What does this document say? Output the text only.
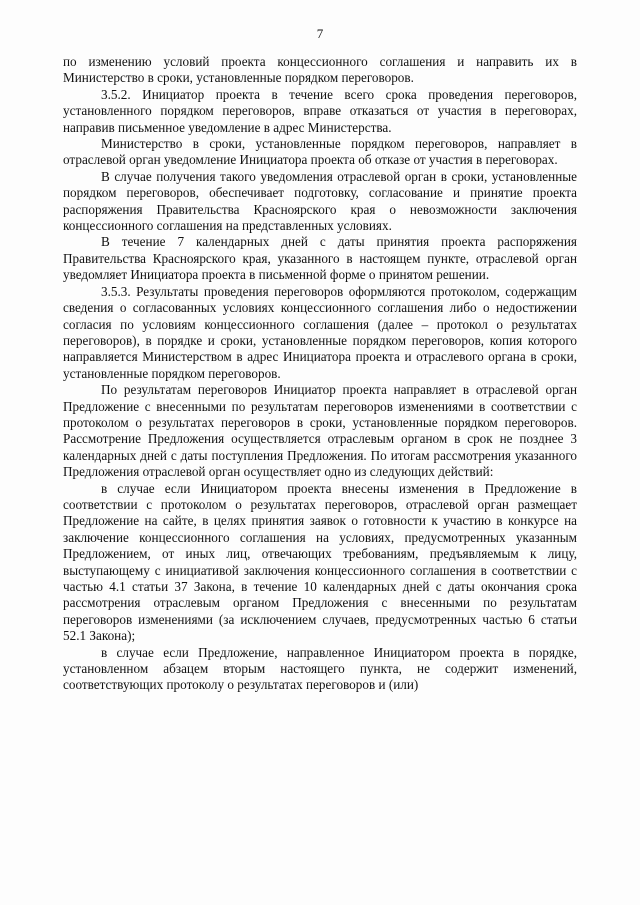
7

по изменению условий проекта концессионного соглашения и направить их в Министерство в сроки, установленные порядком переговоров.

3.5.2. Инициатор проекта в течение всего срока проведения переговоров, установленного порядком переговоров, вправе отказаться от участия в переговорах, направив письменное уведомление в адрес Министерства.

Министерство в сроки, установленные порядком переговоров, направляет в отраслевой орган уведомление Инициатора проекта об отказе от участия в переговорах.

В случае получения такого уведомления отраслевой орган в сроки, установленные порядком переговоров, обеспечивает подготовку, согласование и принятие проекта распоряжения Правительства Красноярского края о невозможности заключения концессионного соглашения на представленных условиях.

В течение 7 календарных дней с даты принятия проекта распоряжения Правительства Красноярского края, указанного в настоящем пункте, отраслевой орган уведомляет Инициатора проекта в письменной форме о принятом решении.

3.5.3. Результаты проведения переговоров оформляются протоколом, содержащим сведения о согласованных условиях концессионного соглашения либо о недостижении согласия по условиям концессионного соглашения (далее – протокол о результатах переговоров), в порядке и сроки, установленные порядком переговоров, копия которого направляется Министерством в адрес Инициатора проекта и отраслевого органа в сроки, установленные порядком переговоров.

По результатам переговоров Инициатор проекта направляет в отраслевой орган Предложение с внесенными по результатам переговоров изменениями в соответствии с протоколом о результатах переговоров в сроки, установленные порядком переговоров. Рассмотрение Предложения осуществляется отраслевым органом в срок не позднее 3 календарных дней с даты поступления Предложения. По итогам рассмотрения указанного Предложения отраслевой орган осуществляет одно из следующих действий:

в случае если Инициатором проекта внесены изменения в Предложение в соответствии с протоколом о результатах переговоров, отраслевой орган размещает Предложение на сайте, в целях принятия заявок о готовности к участию в конкурсе на заключение концессионного соглашения на условиях, предусмотренных указанным Предложением, от иных лиц, отвечающих требованиям, предъявляемым к лицу, выступающему с инициативой заключения концессионного соглашения в соответствии с частью 4.1 статьи 37 Закона, в течение 10 календарных дней с даты окончания срока рассмотрения отраслевым органом Предложения с внесенными по результатам переговоров изменениями (за исключением случаев, предусмотренных частью 6 статьи 52.1 Закона);

в случае если Предложение, направленное Инициатором проекта в порядке, установленном абзацем вторым настоящего пункта, не содержит изменений, соответствующих протоколу о результатах переговоров и (или)
